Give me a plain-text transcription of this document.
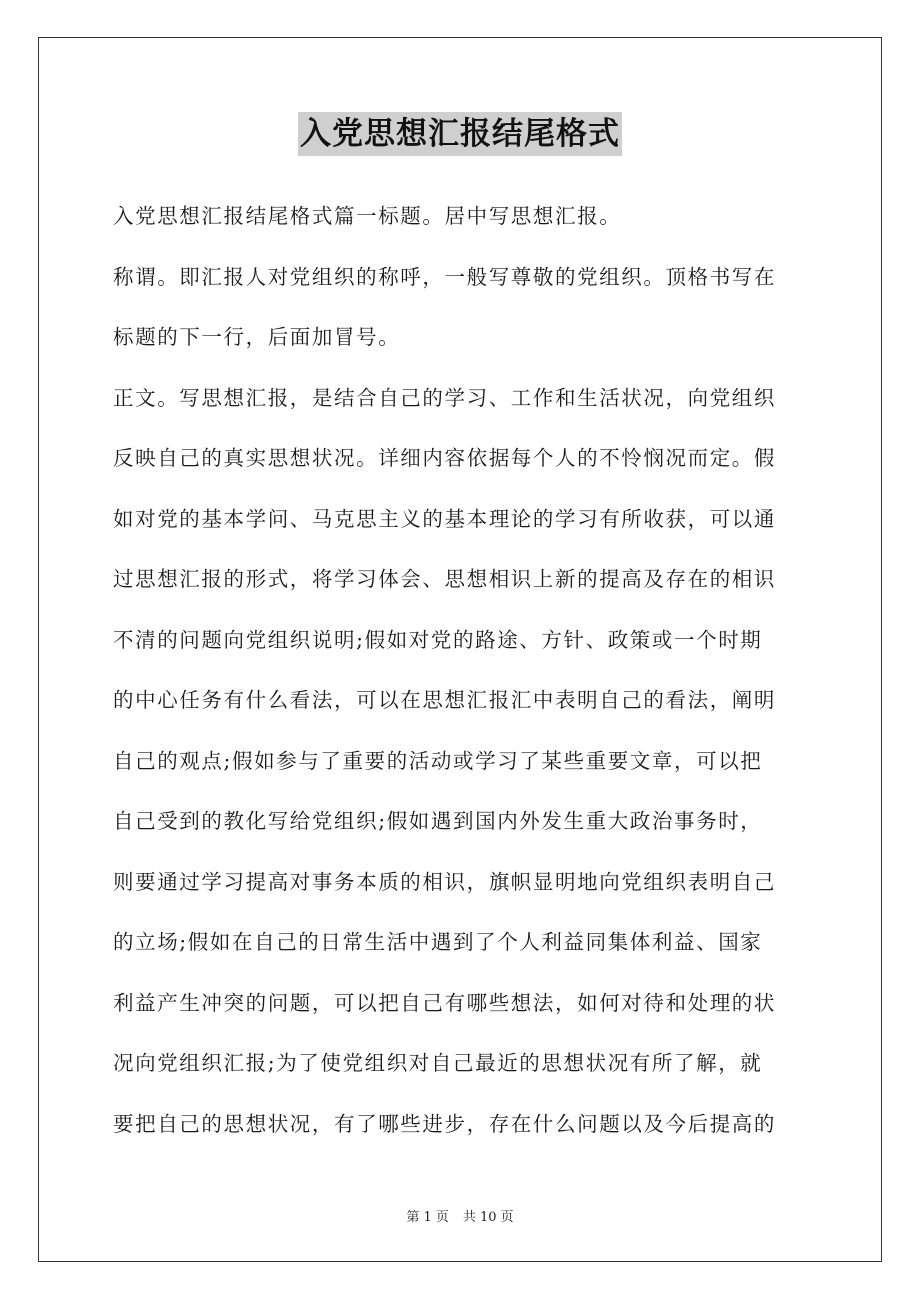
入党思想汇报结尾格式

入党思想汇报结尾格式篇一标题。居中写思想汇报。

称谓。即汇报人对党组织的称呼，一般写尊敬的党组织。顶格书写在

标题的下一行，后面加冒号。

正文。写思想汇报，是结合自己的学习、工作和生活状况，向党组织

反映自己的真实思想状况。详细内容依据每个人的不怜悯况而定。假

如对党的基本学问、马克思主义的基本理论的学习有所收获，可以通

过思想汇报的形式，将学习体会、思想相识上新的提高及存在的相识

不清的问题向党组织说明;假如对党的路途、方针、政策或一个时期

的中心任务有什么看法，可以在思想汇报汇中表明自己的看法，阐明

自己的观点;假如参与了重要的活动或学习了某些重要文章，可以把

自己受到的教化写给党组织;假如遇到国内外发生重大政治事务时，

则要通过学习提高对事务本质的相识，旗帜显明地向党组织表明自己

的立场;假如在自己的日常生活中遇到了个人利益同集体利益、国家

利益产生冲突的问题，可以把自己有哪些想法，如何对待和处理的状

况向党组织汇报;为了使党组织对自己最近的思想状况有所了解，就

要把自己的思想状况，有了哪些进步，存在什么问题以及今后提高的

第 1 页 共 10 页
